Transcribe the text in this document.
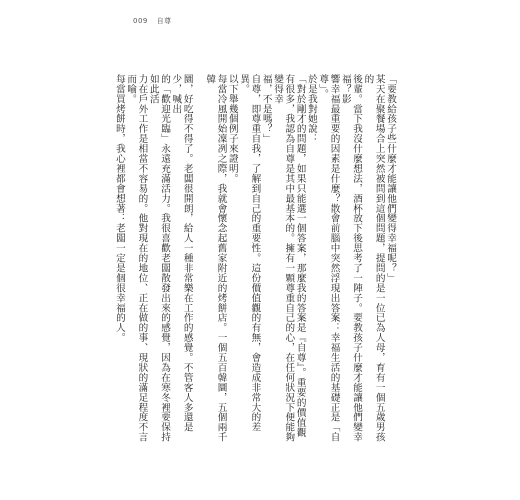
009 自尊

「要教給孩子些什麼才能讓他們變得幸福呢？」

某天在聚餐場合上突然被問到這個問題，提問的是一位已為人母，育有一個五歲男孩的

後輩。當下我沒什麼想法，酒杯放下後思考了一陣子。要教孩子什麼才能讓他們變幸福？影

響幸福最重要的因素是什麼？散會前腦中突然浮現出答案：幸福生活的基礎正是「自尊」。

於是我對她說：

「對於剛才的問題，如果只能選一個答案，那麼我的答案是『自尊』。重要的價值觀

有很多，我認為自尊是其中最基本的。擁有一顆尊重自己的心，在任何狀況下便能夠變得幸

福，不是嗎？」

自尊，即尊重自我，了解到自己的重要性。這份價值觀的有無，會造成非常大的差異。

以下舉幾個例子來證明。

每當冷風開始凜冽之際，我就會懷念起舊家附近的烤餅店。一個五百韓圜，五個兩千韓

圜，好吃得不得了。老闆很開朗，給人一種非常樂在工作的感覺。不管客人多還是少，喊出

的「歡迎光臨」永遠充滿活力。我很喜歡老闆散發出來的感覺，因為在寒冬裡要保持如此活

力在戶外工作是相當不容易的。他對現在的地位、正在做的事、現狀的滿足程度不言而喻。

每當買烤餅時，我心裡都會想著：老闆一定是個很幸福的人。
